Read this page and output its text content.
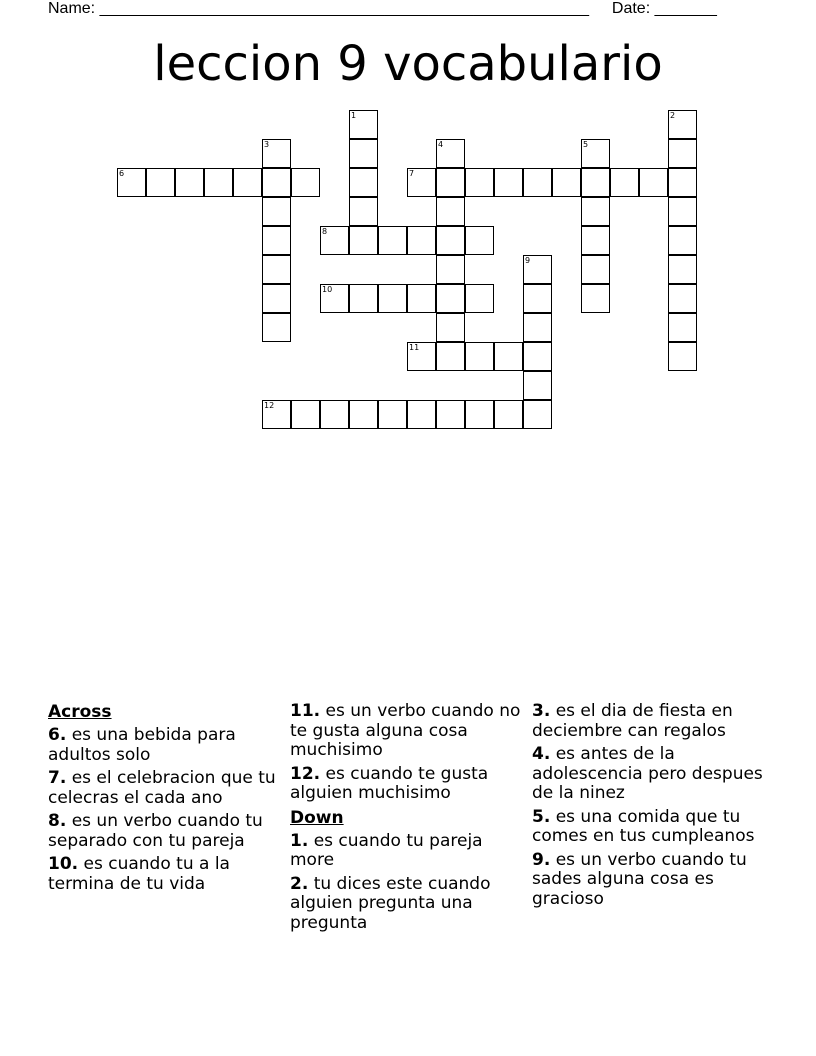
Name: _______________________________________________________ Date: _______
leccion 9 vocabulario
1	2
3	4	5
6	7
8
9
10
11
12
Across

6. es una bebida para adultos solo

7. es el celebracion que tu celecras el cada ano

8. es un verbo cuando tu separado con tu pareja

10. es cuando tu a la termina de tu vida

11. es un verbo cuando no te gusta alguna cosa muchisimo

12. es cuando te gusta alguien muchisimo

Down

1. es cuando tu pareja more

2. tu dices este cuando alguien pregunta una pregunta

3. es el dia de fiesta en deciembre can regalos

4. es antes de la adolescencia pero despues de la ninez

5. es una comida que tu comes en tus cumpleanos

9. es un verbo cuando tu sades alguna cosa es gracioso
